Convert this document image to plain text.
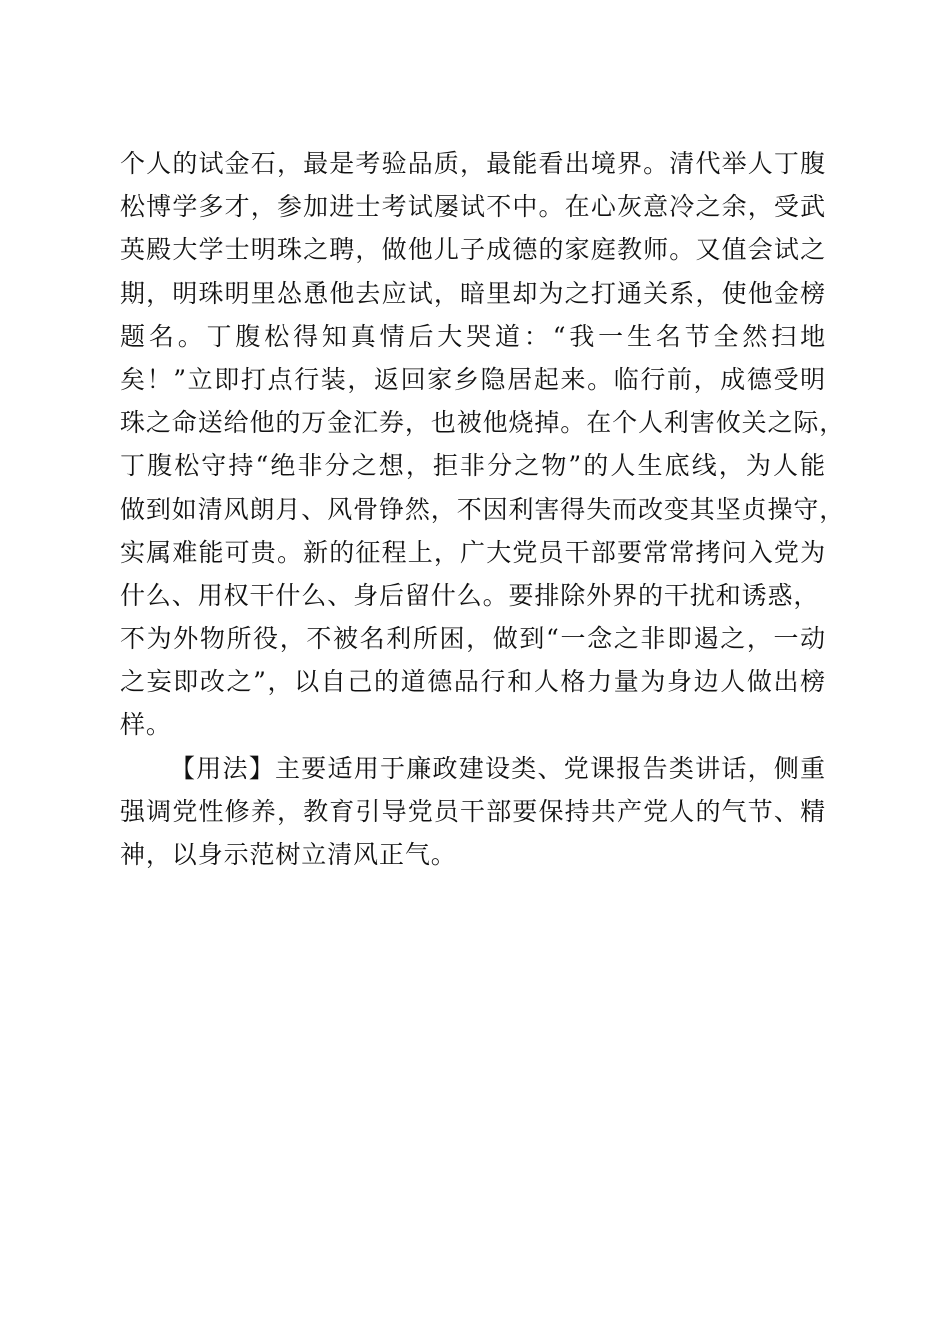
个人的试金石，最是考验品质，最能看出境界。清代举人丁腹
松博学多才，参加进士考试屡试不中。在心灰意冷之余，受武
英殿大学士明珠之聘，做他儿子成德的家庭教师。又值会试之
期，明珠明里怂恿他去应试，暗里却为之打通关系，使他金榜
题名。丁腹松得知真情后大哭道：“我一生名节全然扫地
矣！”立即打点行装，返回家乡隐居起来。临行前，成德受明
珠之命送给他的万金汇券，也被他烧掉。在个人利害攸关之际，
丁腹松守持“绝非分之想，拒非分之物”的人生底线，为人能
做到如清风朗月、风骨铮然，不因利害得失而改变其坚贞操守，
实属难能可贵。新的征程上，广大党员干部要常常拷问入党为
什么、用权干什么、身后留什么。要排除外界的干扰和诱惑，
不为外物所役，不被名利所困，做到“一念之非即遏之，一动
之妄即改之”，以自己的道德品行和人格力量为身边人做出榜
样。
【用法】主要适用于廉政建设类、党课报告类讲话，侧重
强调党性修养，教育引导党员干部要保持共产党人的气节、精
神，以身示范树立清风正气。
